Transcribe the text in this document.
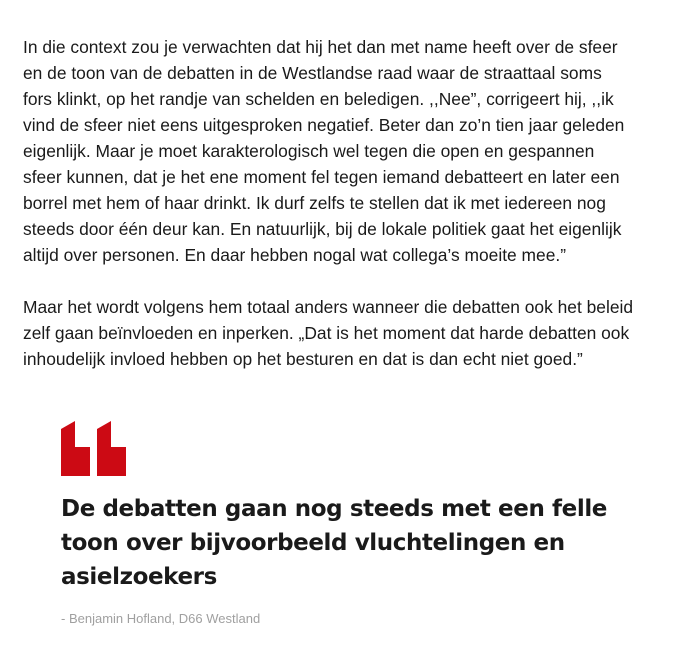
In die context zou je verwachten dat hij het dan met name heeft over de sfeer
en de toon van de debatten in de Westlandse raad waar de straattaal soms
fors klinkt, op het randje van schelden en beledigen. ,,Nee”, corrigeert hij, ,,ik
vind de sfeer niet eens uitgesproken negatief. Beter dan zo’n tien jaar geleden
eigenlijk. Maar je moet karakterologisch wel tegen die open en gespannen
sfeer kunnen, dat je het ene moment fel tegen iemand debatteert en later een
borrel met hem of haar drinkt. Ik durf zelfs te stellen dat ik met iedereen nog
steeds door één deur kan. En natuurlijk, bij de lokale politiek gaat het eigenlijk
altijd over personen. En daar hebben nogal wat collega’s moeite mee.”

Maar het wordt volgens hem totaal anders wanneer die debatten ook het beleid
zelf gaan beïnvloeden en inperken. „Dat is het moment dat harde debatten ook
inhoudelijk invloed hebben op het besturen en dat is dan echt niet goed.”

De debatten gaan nog steeds met een felle
toon over bijvoorbeeld vluchtelingen en
asielzoekers

- Benjamin Hofland, D66 Westland
